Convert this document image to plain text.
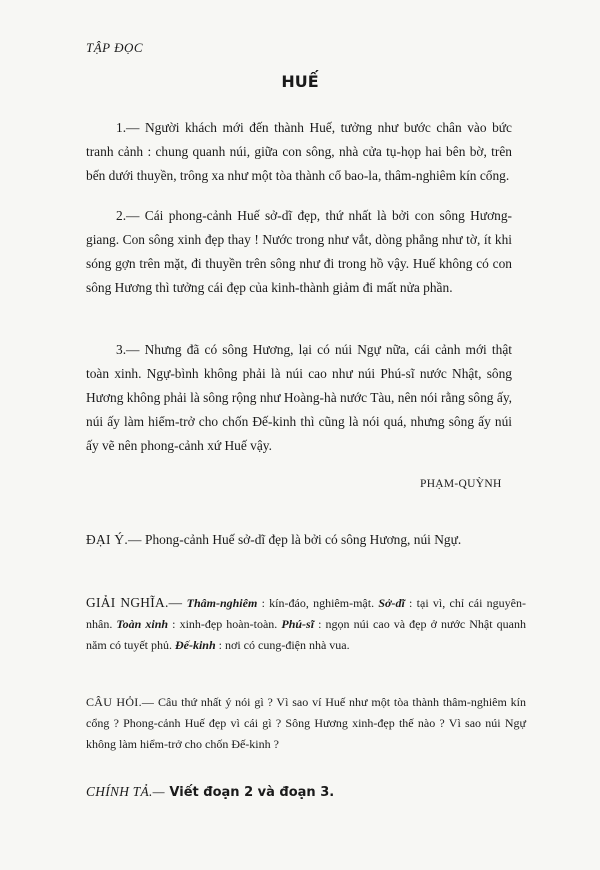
TẬP ĐỌC
HUẾ

1.— Người khách mới đến thành Huế, tưởng như bước chân vào bức tranh cảnh : chung quanh núi, giữa con sông, nhà cửa tụ-họp hai bên bờ, trên bến dưới thuyền, trông xa như một tòa thành cổ bao-la, thâm-nghiêm kín cổng.

2.— Cái phong-cảnh Huế sở-dĩ đẹp, thứ nhất là bởi con sông Hương-giang. Con sông xinh đẹp thay ! Nước trong như vắt, dòng phẳng như tờ, ít khi sóng gợn trên mặt, đi thuyền trên sông như đi trong hồ vậy. Huế không có con sông Hương thì tưởng cái đẹp của kinh-thành giảm đi mất nửa phần.

3.— Nhưng đã có sông Hương, lại có núi Ngự nữa, cái cảnh mới thật toàn xinh. Ngự-bình không phải là núi cao như núi Phú-sĩ nước Nhật, sông Hương không phải là sông rộng như Hoàng-hà nước Tàu, nên nói rằng sông ấy, núi ấy làm hiểm-trở cho chốn Đế-kinh thì cũng là nói quá, nhưng sông ấy núi ấy vẽ nên phong-cảnh xứ Huế vậy.

PHẠM-QUỲNH
ĐẠI Ý.— Phong-cảnh Huế sở-dĩ đẹp là bởi có sông Hương, núi Ngự.
GIẢI NGHĨA.— Thâm-nghiêm : kín-đáo, nghiêm-mật. Sở-dĩ : tại vì, chỉ cái nguyên-nhân. Toàn xinh : xinh-đẹp hoàn-toàn. Phú-sĩ : ngọn núi cao và đẹp ở nước Nhật quanh năm có tuyết phủ. Đế-kinh : nơi có cung-điện nhà vua.
CÂU HỎI.— Câu thứ nhất ý nói gì ? Vì sao ví Huế như một tòa thành thâm-nghiêm kín cổng ? Phong-cảnh Huế đẹp vì cái gì ? Sông Hương xinh-đẹp thế nào ? Vì sao núi Ngự không làm hiểm-trở cho chốn Đế-kinh ?
CHÍNH TẢ.— Viết đoạn 2 và đoạn 3.
